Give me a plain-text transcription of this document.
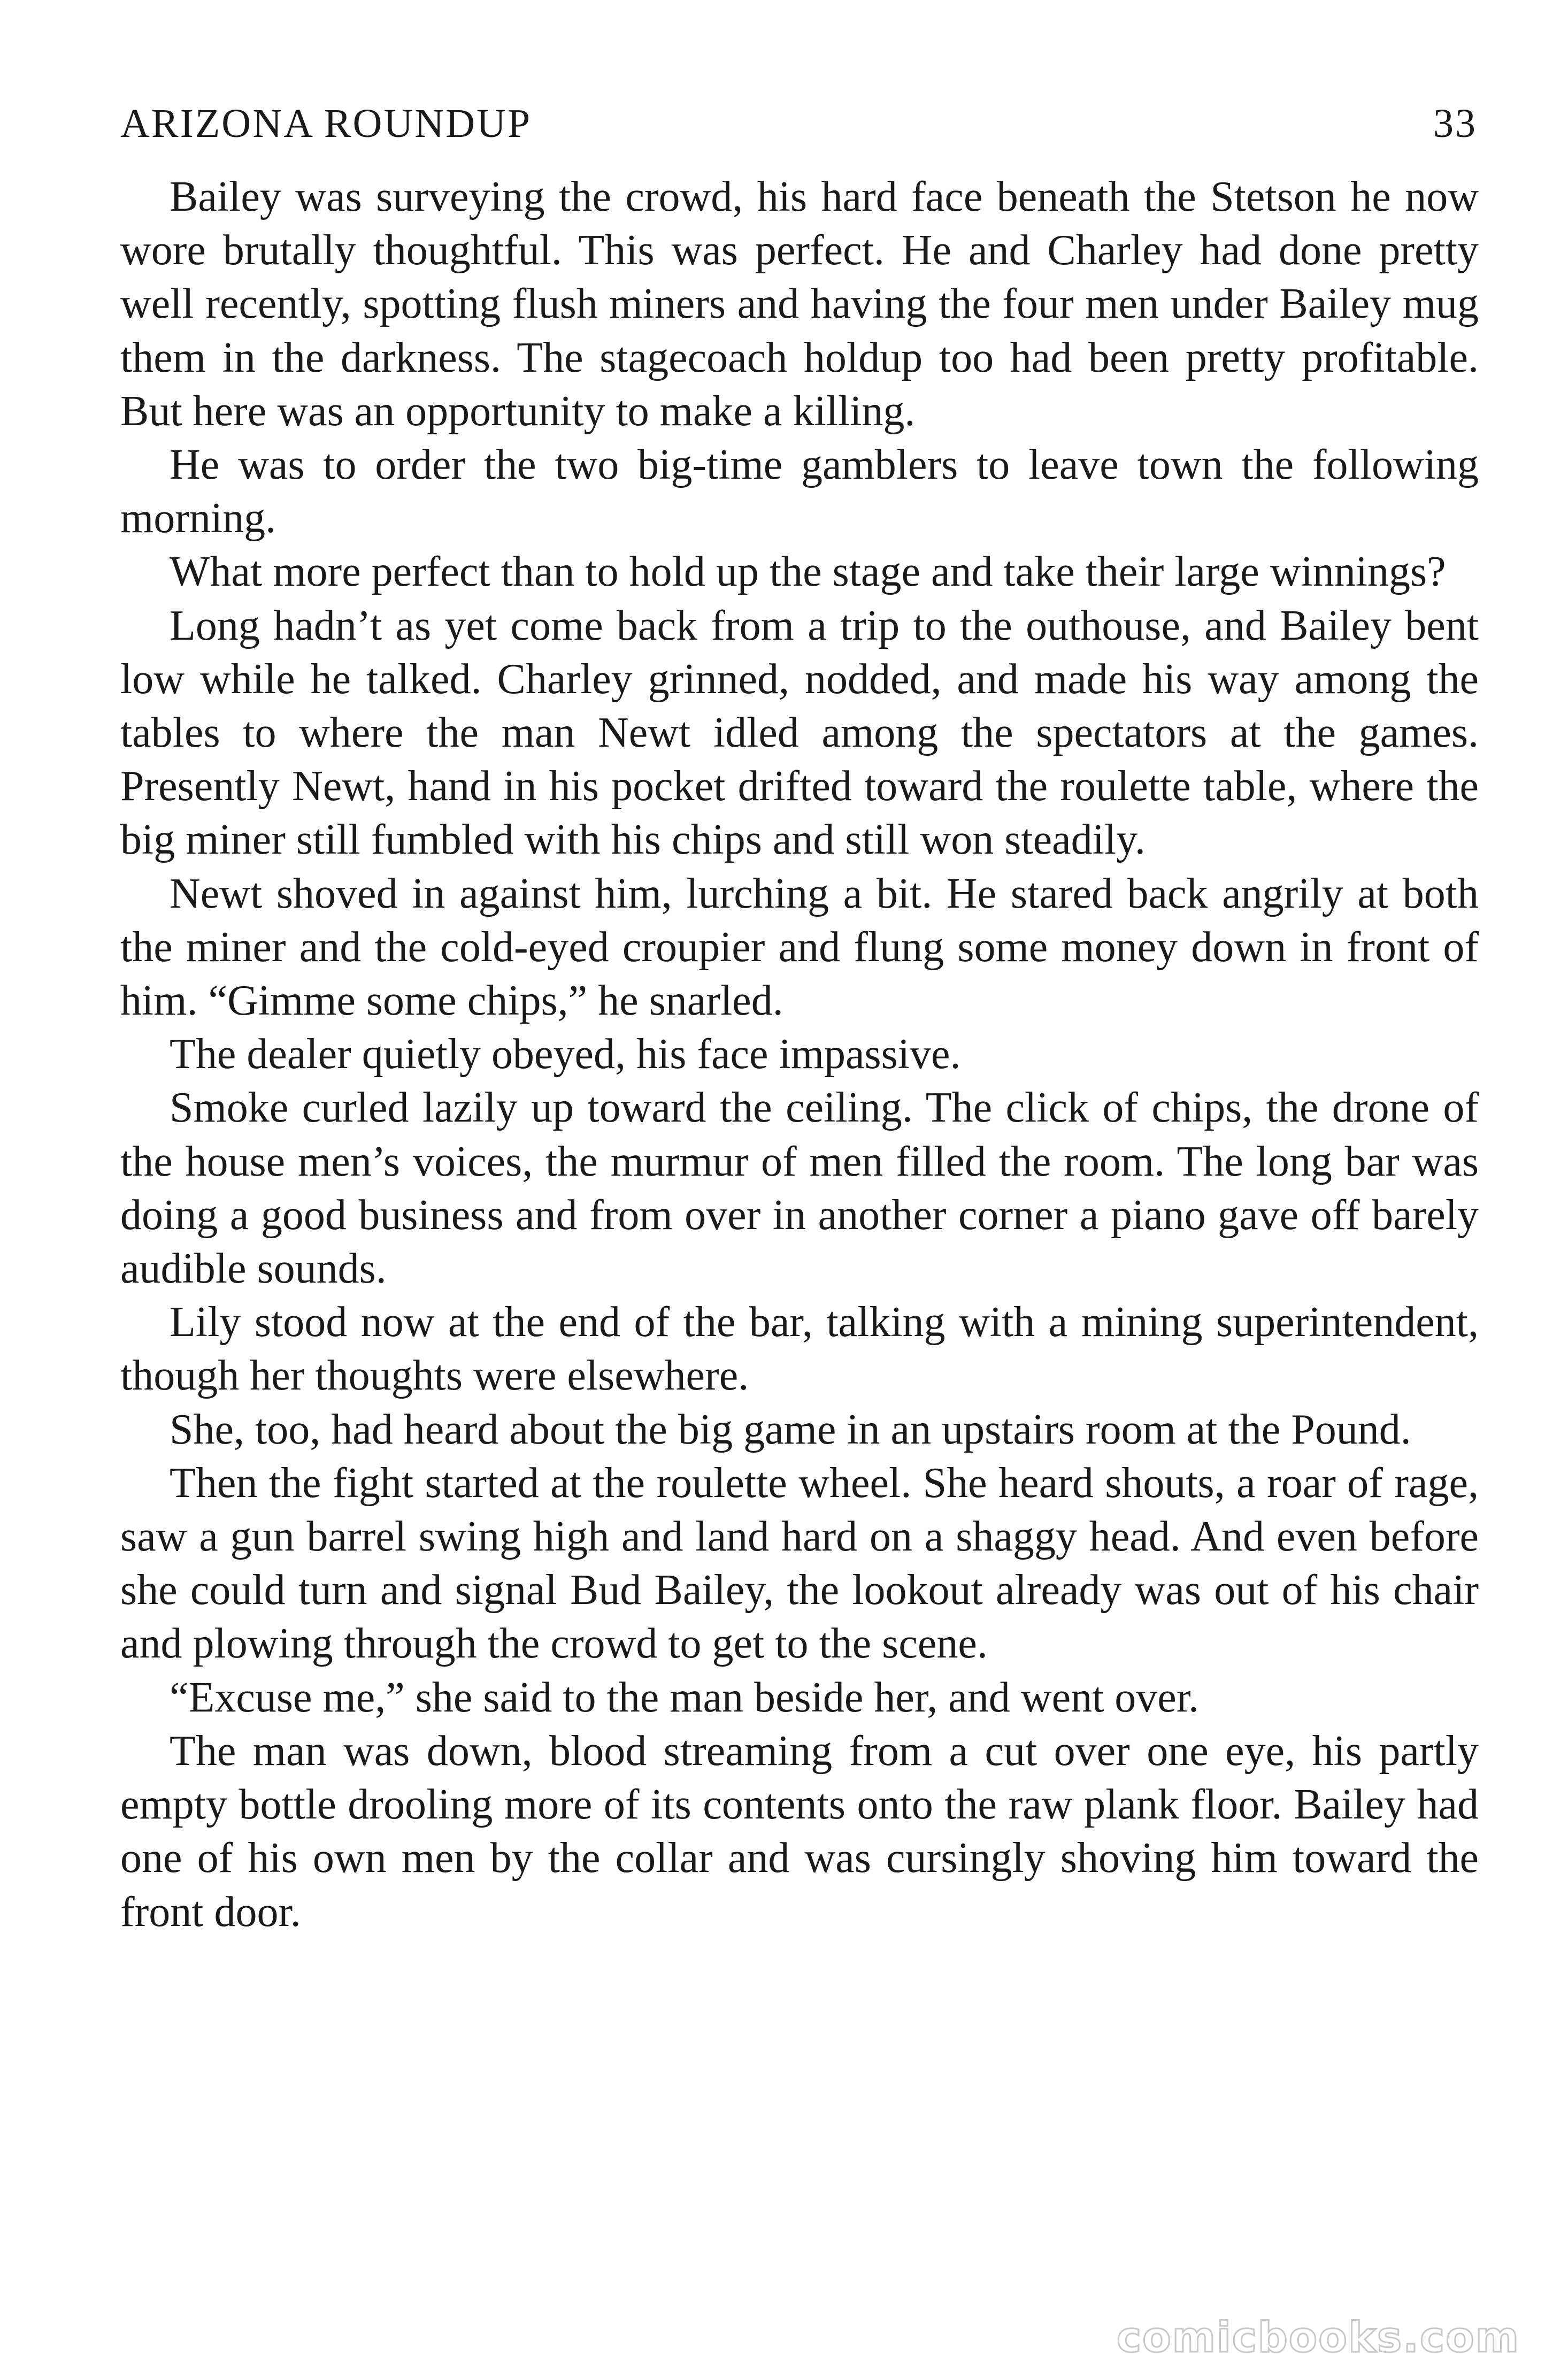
ARIZONA ROUNDUP	33

Bailey was surveying the crowd, his hard face beneath the Stetson he now wore brutally thoughtful. This was perfect. He and Charley had done pretty well recently, spotting flush miners and having the four men under Bailey mug them in the darkness. The stagecoach holdup too had been pretty profitable. But here was an opportunity to make a killing.

He was to order the two big-time gamblers to leave town the following morning.

What more perfect than to hold up the stage and take their large winnings?

Long hadn’t as yet come back from a trip to the outhouse, and Bailey bent low while he talked. Charley grinned, nodded, and made his way among the tables to where the man Newt idled among the spectators at the games. Presently Newt, hand in his pocket drifted toward the roulette table, where the big miner still fumbled with his chips and still won steadily.

Newt shoved in against him, lurching a bit. He stared back angrily at both the miner and the cold-eyed croupier and flung some money down in front of him. “Gimme some chips,” he snarled.

The dealer quietly obeyed, his face impassive.

Smoke curled lazily up toward the ceiling. The click of chips, the drone of the house men’s voices, the murmur of men filled the room. The long bar was doing a good business and from over in another corner a piano gave off barely audible sounds.

Lily stood now at the end of the bar, talking with a mining superintendent, though her thoughts were elsewhere.

She, too, had heard about the big game in an upstairs room at the Pound.

Then the fight started at the roulette wheel. She heard shouts, a roar of rage, saw a gun barrel swing high and land hard on a shaggy head. And even before she could turn and signal Bud Bailey, the lookout already was out of his chair and plowing through the crowd to get to the scene.

“Excuse me,” she said to the man beside her, and went over.

The man was down, blood streaming from a cut over one eye, his partly empty bottle drooling more of its contents onto the raw plank floor. Bailey had one of his own men by the collar and was cursingly shoving him toward the front door.

comicbooks.com
